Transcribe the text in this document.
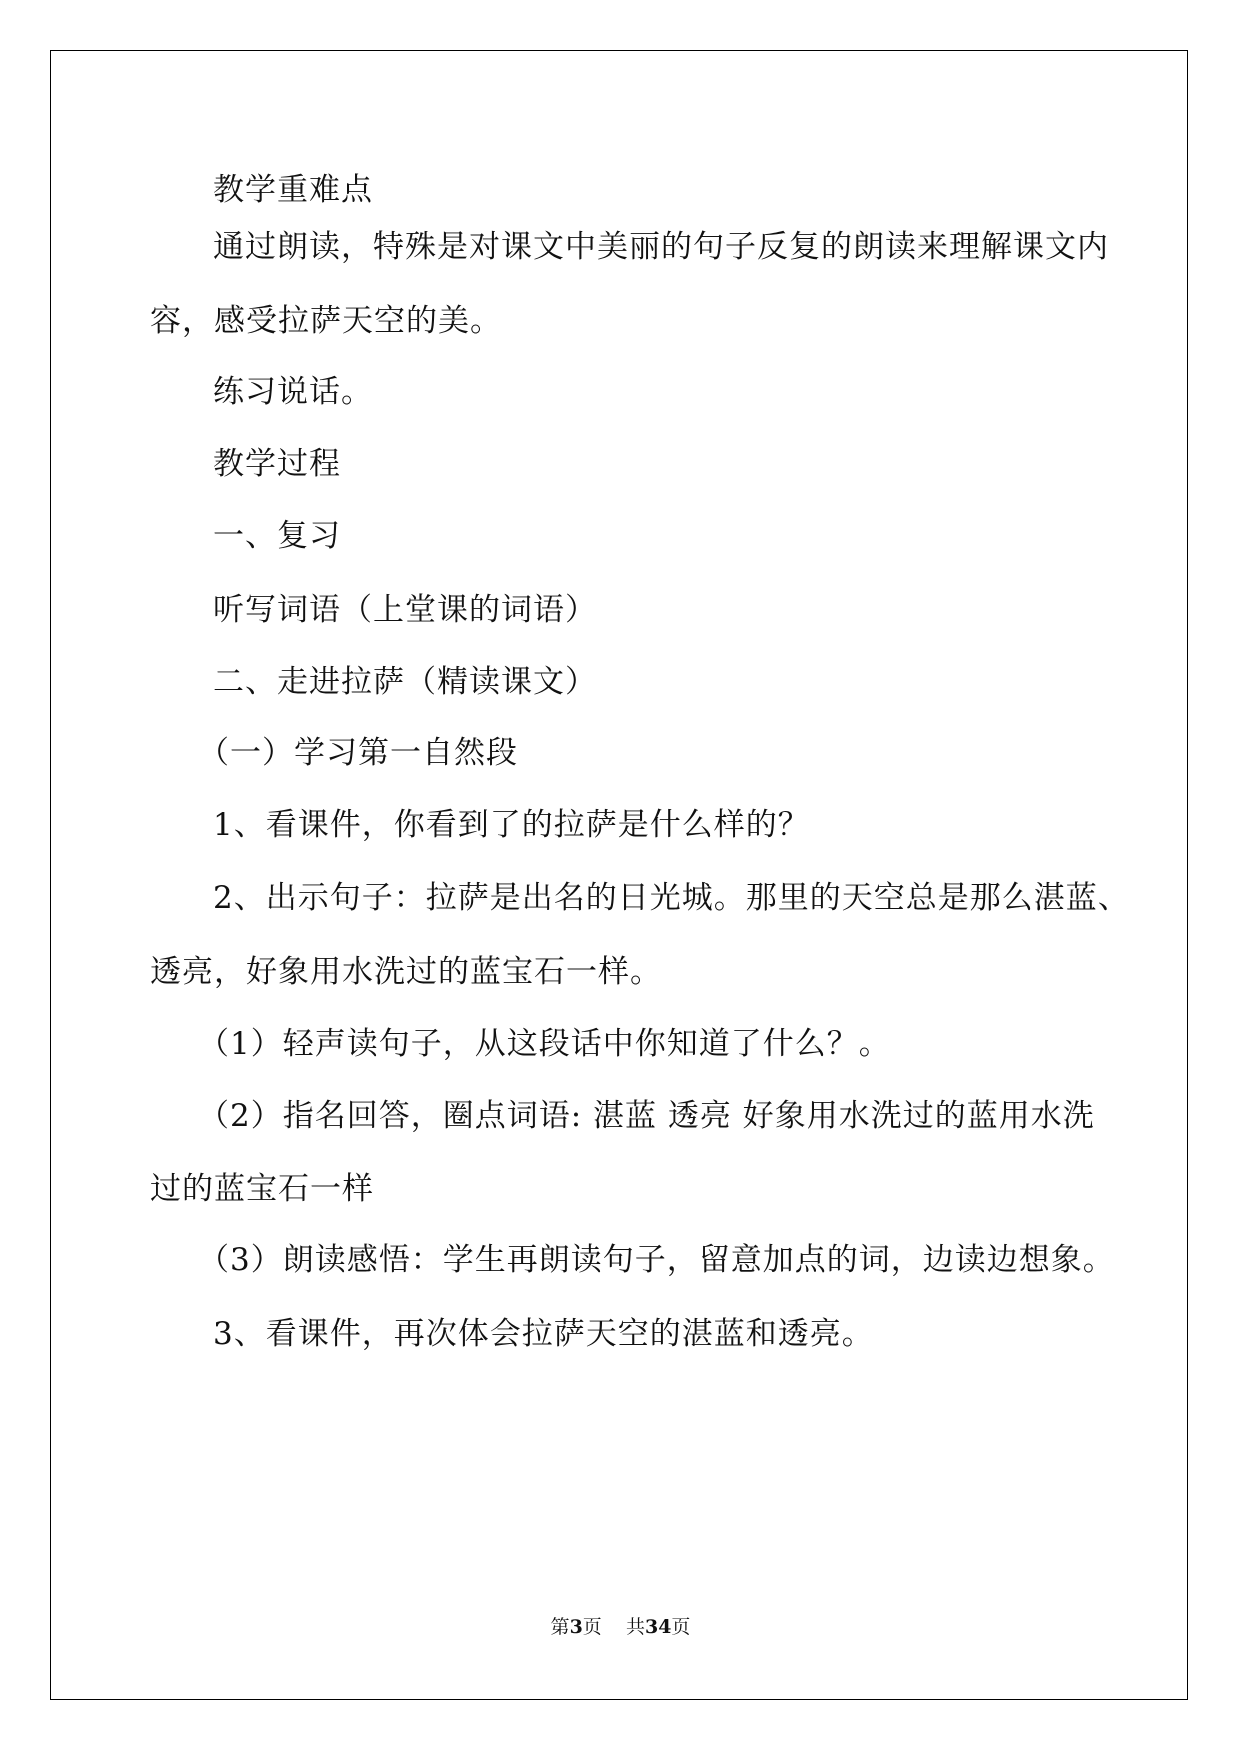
教学重难点
通过朗读，特殊是对课文中美丽的句子反复的朗读来理解课文内
容，感受拉萨天空的美。
练习说话。
教学过程
一、复习
听写词语（上堂课的词语）
二、走进拉萨（精读课文）
（一）学习第一自然段
1、看课件，你看到了的拉萨是什么样的？
2、出示句子：拉萨是出名的日光城。那里的天空总是那么湛蓝、
透亮，好象用水洗过的蓝宝石一样。
（1）轻声读句子，从这段话中你知道了什么？。
（2）指名回答，圈点词语: 湛蓝 透亮 好象用水洗过的蓝用水洗
过的蓝宝石一样
（3）朗读感悟：学生再朗读句子，留意加点的词，边读边想象。
3、看课件，再次体会拉萨天空的湛蓝和透亮。
第3页    共34页
